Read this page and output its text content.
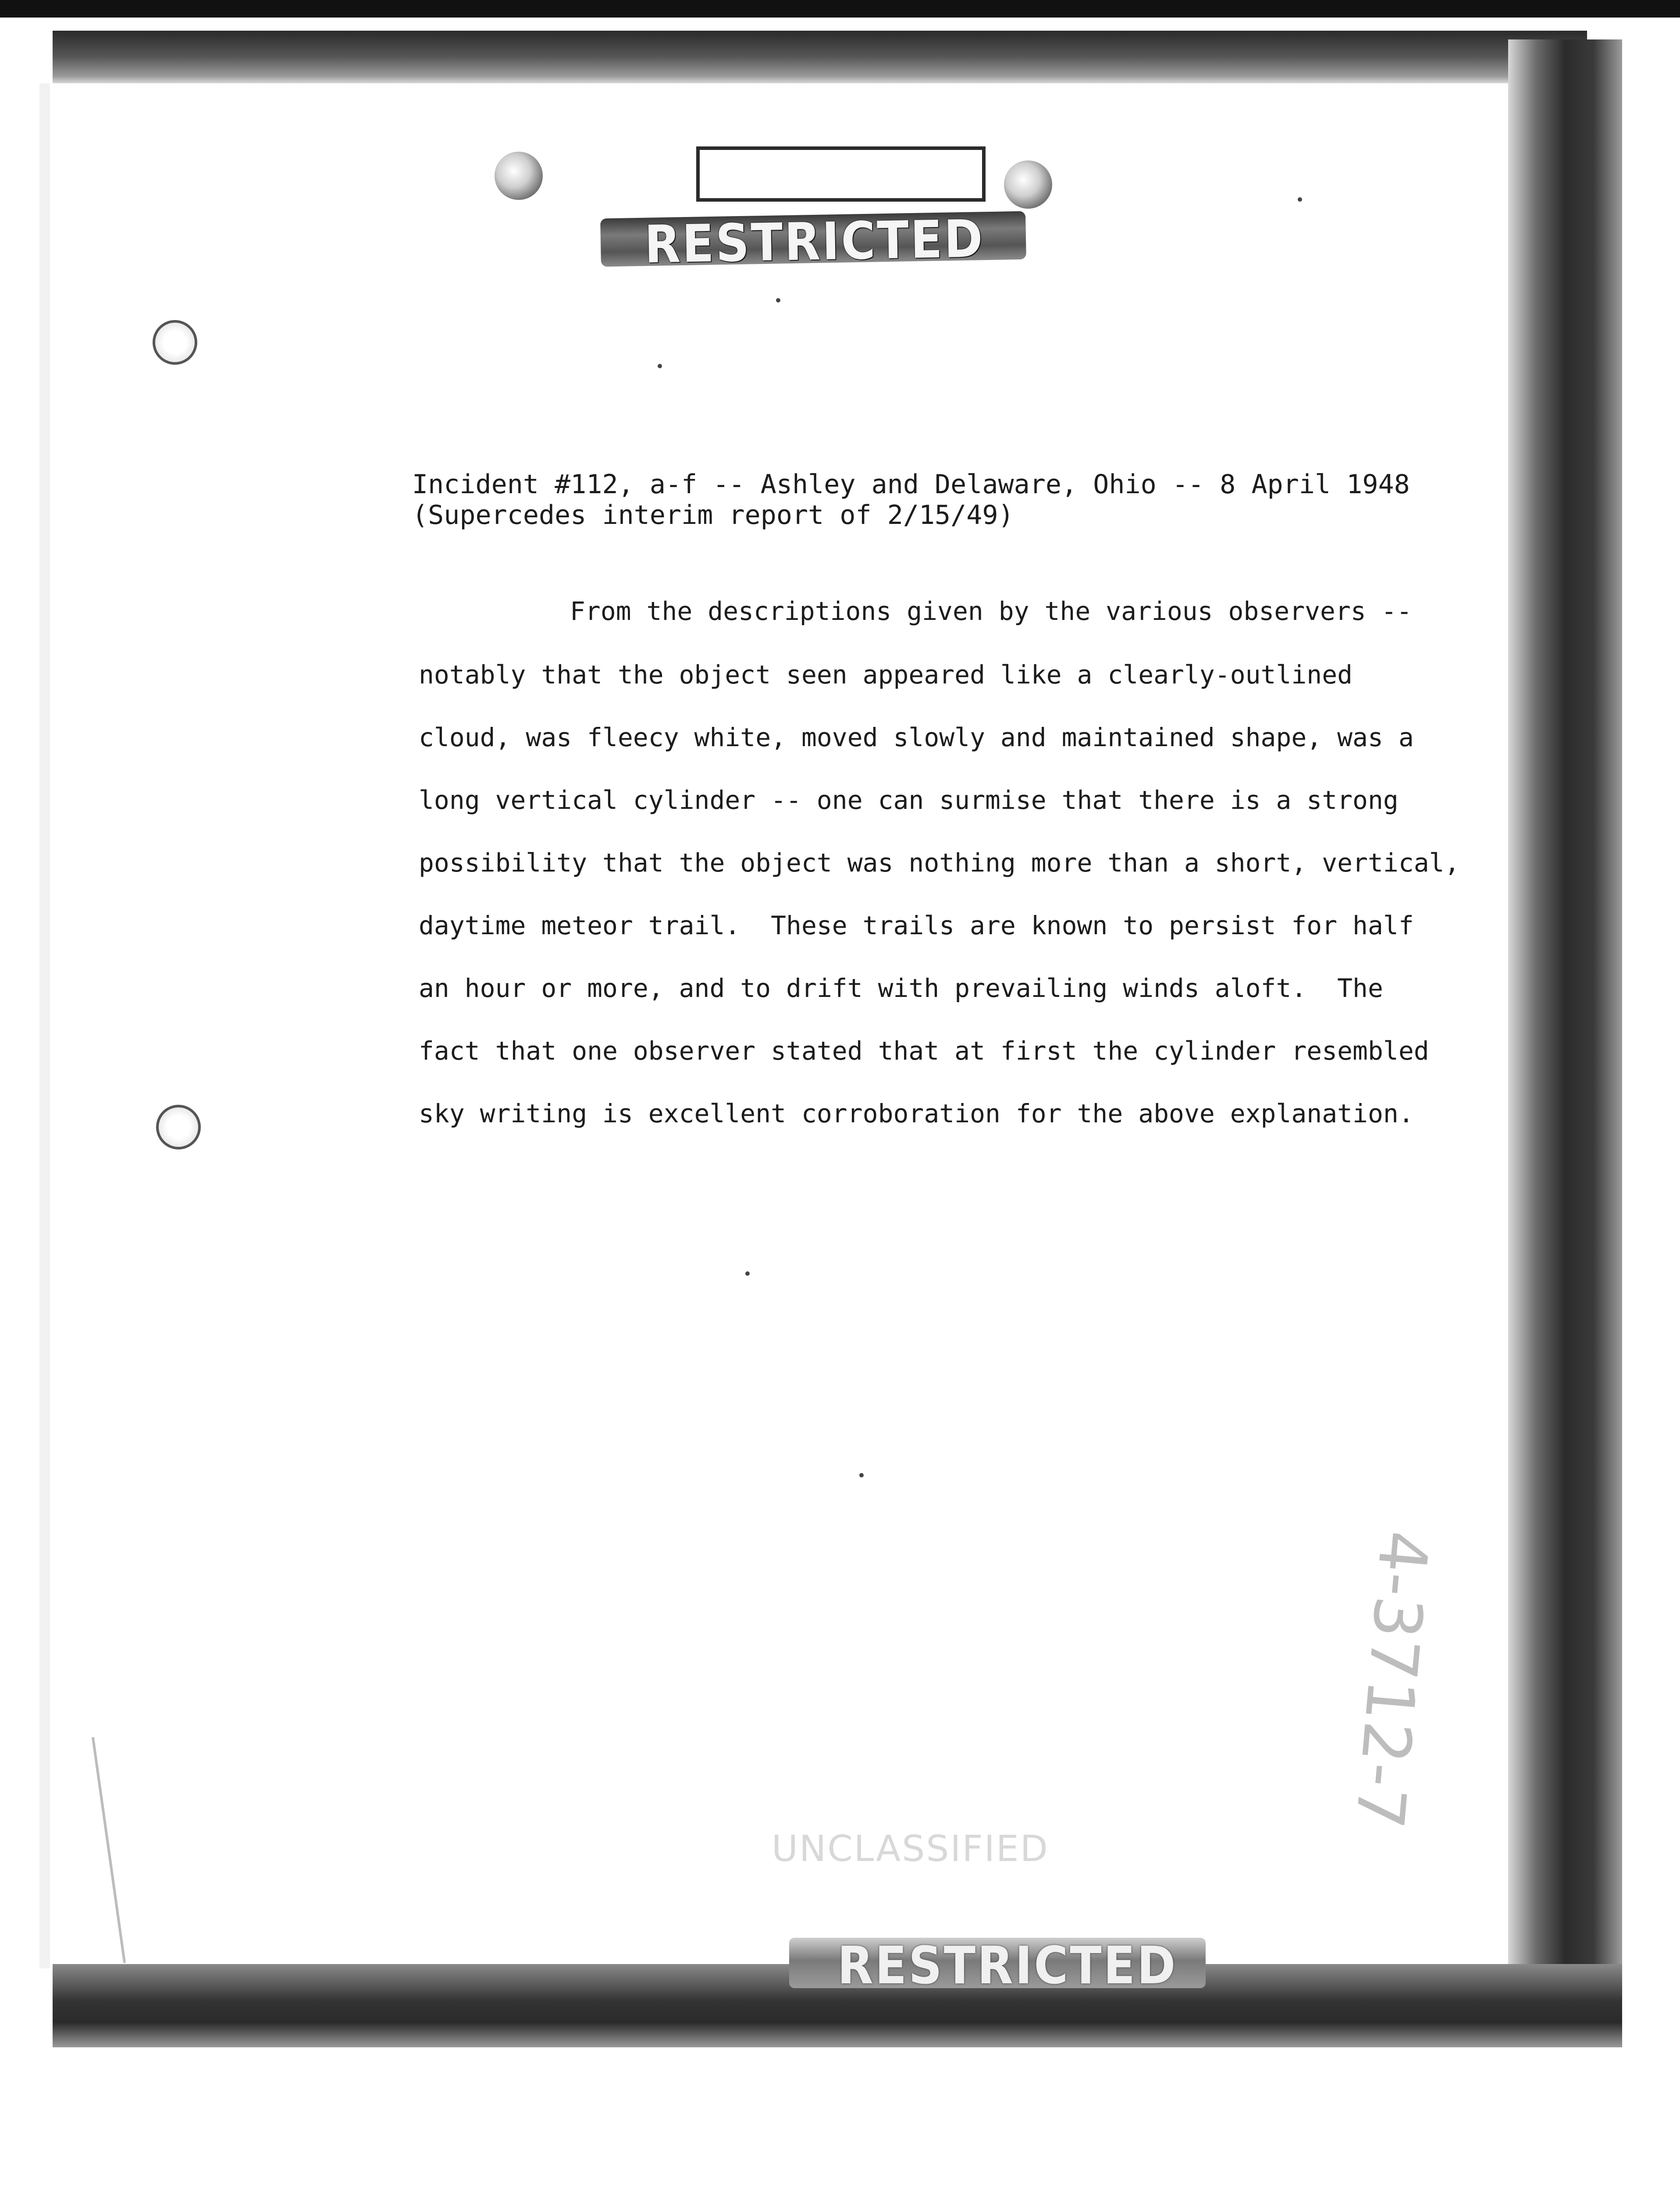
RESTRICTED
Incident #112, a-f -- Ashley and Delaware, Ohio -- 8 April 1948
(Supercedes interim report of 2/15/49)
From the descriptions given by the various observers --
notably that the object seen appeared like a clearly-outlined
cloud, was fleecy white, moved slowly and maintained shape, was a
long vertical cylinder -- one can surmise that there is a strong
possibility that the object was nothing more than a short, vertical,
daytime meteor trail.  These trails are known to persist for half
an hour or more, and to drift with prevailing winds aloft.  The
fact that one observer stated that at first the cylinder resembled
sky writing is excellent corroboration for the above explanation.
UNCLASSIFIED
RESTRICTED
4-3712-7
